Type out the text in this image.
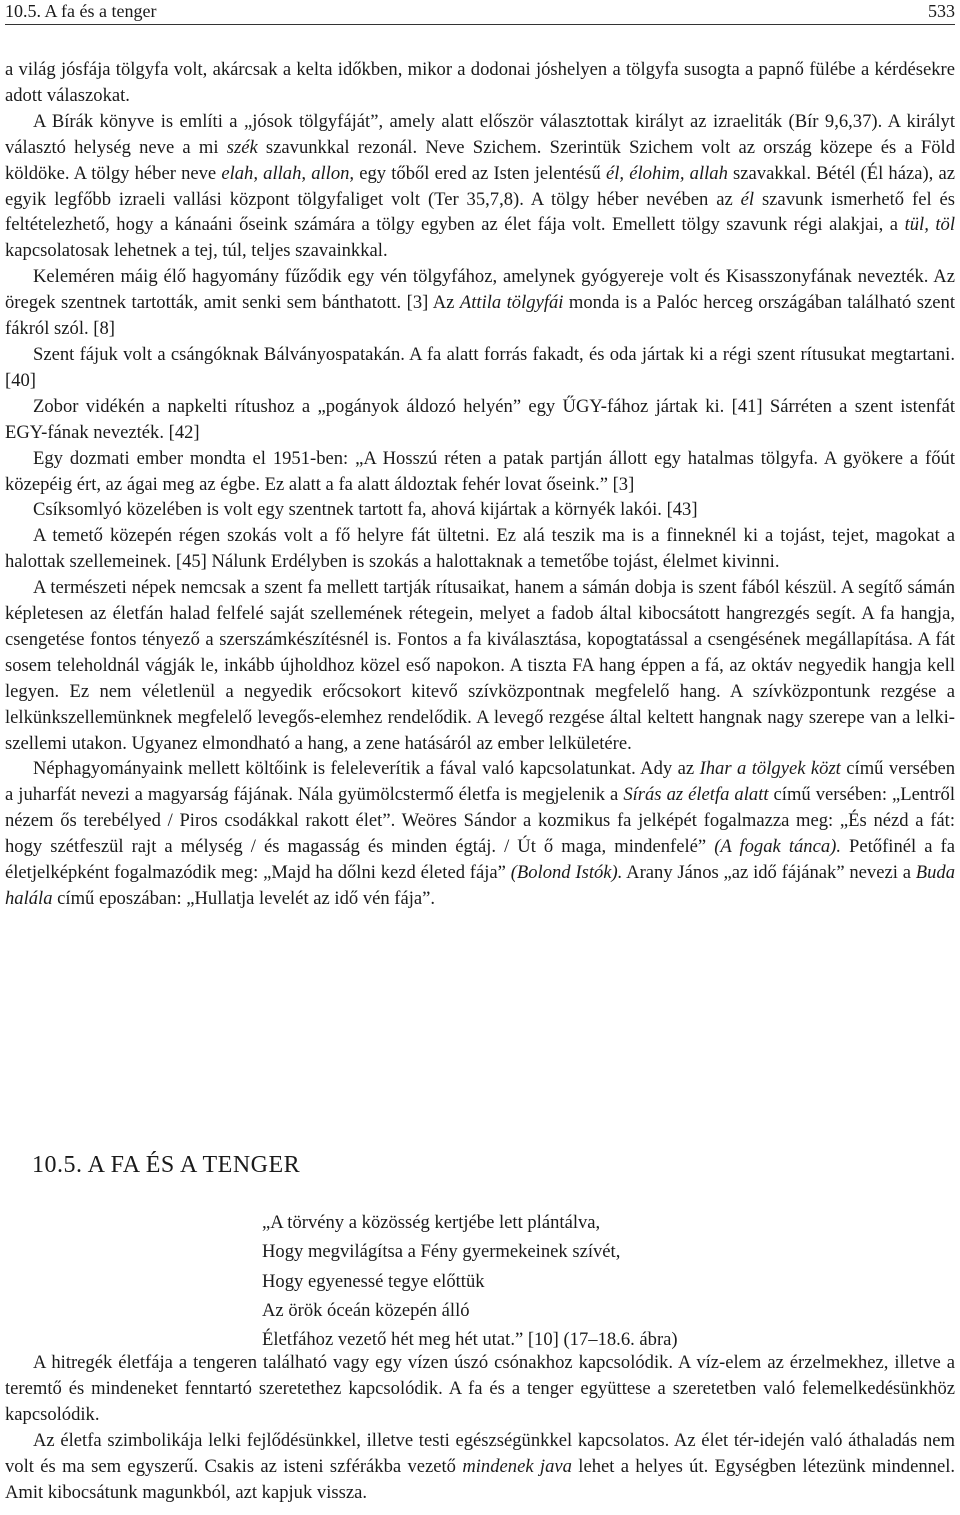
10.5. A fa és a tenger	533

a világ jósfája tölgyfa volt, akárcsak a kelta időkben, mikor a dodonai jóshelyen a tölgyfa susogta a papnő fülébe a kérdésekre adott válaszokat.

A Bírák könyve is említi a „jósok tölgyfáját”, amely alatt először választottak királyt az izraeliták (Bír 9,6,37). A királyt választó helység neve a mi szék szavunkkal rezonál. Neve Szichem. Szerintük Szichem volt az ország közepe és a Föld köldöke. A tölgy héber neve elah, allah, allon, egy tőből ered az Isten jelentésű él, élohim, allah szavakkal. Bétél (Él háza), az egyik legfőbb izraeli vallási központ tölgyfaliget volt (Ter 35,7,8). A tölgy héber nevében az él szavunk ismerhető fel és feltételezhető, hogy a kánaáni őseink számára a tölgy egyben az élet fája volt. Emellett tölgy szavunk régi alakjai, a tül, töl kapcsolatosak lehetnek a tej, túl, teljes szavainkkal.

Keleméren máig élő hagyomány fűződik egy vén tölgyfához, amelynek gyógyereje volt és Kisasszonyfának nevezték. Az öregek szentnek tartották, amit senki sem bánthatott. [3] Az Attila tölgyfái monda is a Palóc herceg országában található szent fákról szól. [8]

Szent fájuk volt a csángóknak Bálványospatakán. A fa alatt forrás fakadt, és oda jártak ki a régi szent rítusukat megtartani. [40]

Zobor vidékén a napkelti rítushoz a „pogányok áldozó helyén” egy ŰGY-fához jártak ki. [41] Sárréten a szent istenfát EGY-fának nevezték. [42]

Egy dozmati ember mondta el 1951-ben: „A Hosszú réten a patak partján állott egy hatalmas tölgyfa. A gyökere a főút közepéig ért, az ágai meg az égbe. Ez alatt a fa alatt áldoztak fehér lovat őseink.” [3]

Csíksomlyó közelében is volt egy szentnek tartott fa, ahová kijártak a környék lakói. [43]

A temető közepén régen szokás volt a fő helyre fát ültetni. Ez alá teszik ma is a finneknél ki a tojást, tejet, magokat a halottak szellemeinek. [45] Nálunk Erdélyben is szokás a halottaknak a temetőbe tojást, élelmet kivinni.

A természeti népek nemcsak a szent fa mellett tartják rítusaikat, hanem a sámán dobja is szent fából készül. A segítő sámán képletesen az életfán halad felfelé saját szellemének rétegein, melyet a fadob által kibocsátott hangrezgés segít. A fa hangja, csengetése fontos tényező a szerszámkészítésnél is. Fontos a fa kiválasztása, kopogtatással a csengésének megállapítása. A fát sosem teleholdnál vágják le, inkább újholdhoz közel eső napokon. A tiszta FA hang éppen a fá, az oktáv negyedik hangja kell legyen. Ez nem véletlenül a negyedik erőcsokort kitevő szívközpontnak megfelelő hang. A szívközpontunk rezgése a lelkünkszellemünknek megfelelő levegős-elemhez rendelődik. A levegő rezgése által keltett hangnak nagy szerepe van a lelki-szellemi utakon. Ugyanez elmondható a hang, a zene hatásáról az ember lelkületére.

Néphagyományaink mellett költőink is feleleverítik a fával való kapcsolatunkat. Ady az Ihar a tölgyek közt című versében a juharfát nevezi a magyarság fájának. Nála gyümölcstermő életfa is megjelenik a Sírás az életfa alatt című versében: „Lentről nézem ős terebélyed / Piros csodákkal rakott élet”. Weöres Sándor a kozmikus fa jelképét fogalmazza meg: „És nézd a fát: hogy szétfeszül rajt a mélység / és magasság és minden égtáj. / Út ő maga, mindenfelé” (A fogak tánca). Petőfinél a fa életjelképként fogalmazódik meg: „Majd ha dőlni kezd életed fája” (Bolond Istók). Arany János „az idő fájának” nevezi a Buda halála című eposzában: „Hullatja levelét az idő vén fája”.

10.5. A FA ÉS A TENGER
„A törvény a közösség kertjébe lett plántálva,
Hogy megvilágítsa a Fény gyermekeinek szívét,
Hogy egyenessé tegye előttük
Az örök óceán közepén álló
Életfához vezető hét meg hét utat.” [10] (17–18.6. ábra)

A hitregék életfája a tengeren található vagy egy vízen úszó csónakhoz kapcsolódik. A víz-elem az érzelmekhez, illetve a teremtő és mindeneket fenntartó szeretethez kapcsolódik. A fa és a tenger együttese a szeretetben való felemelkedésünkhöz kapcsolódik.

Az életfa szimbolikája lelki fejlődésünkkel, illetve testi egészségünkkel kapcsolatos. Az élet tér-idején való áthaladás nem volt és ma sem egyszerű. Csakis az isteni szférákba vezető mindenek java lehet a helyes út. Egységben létezünk mindennel. Amit kibocsátunk magunkból, azt kapjuk vissza.
